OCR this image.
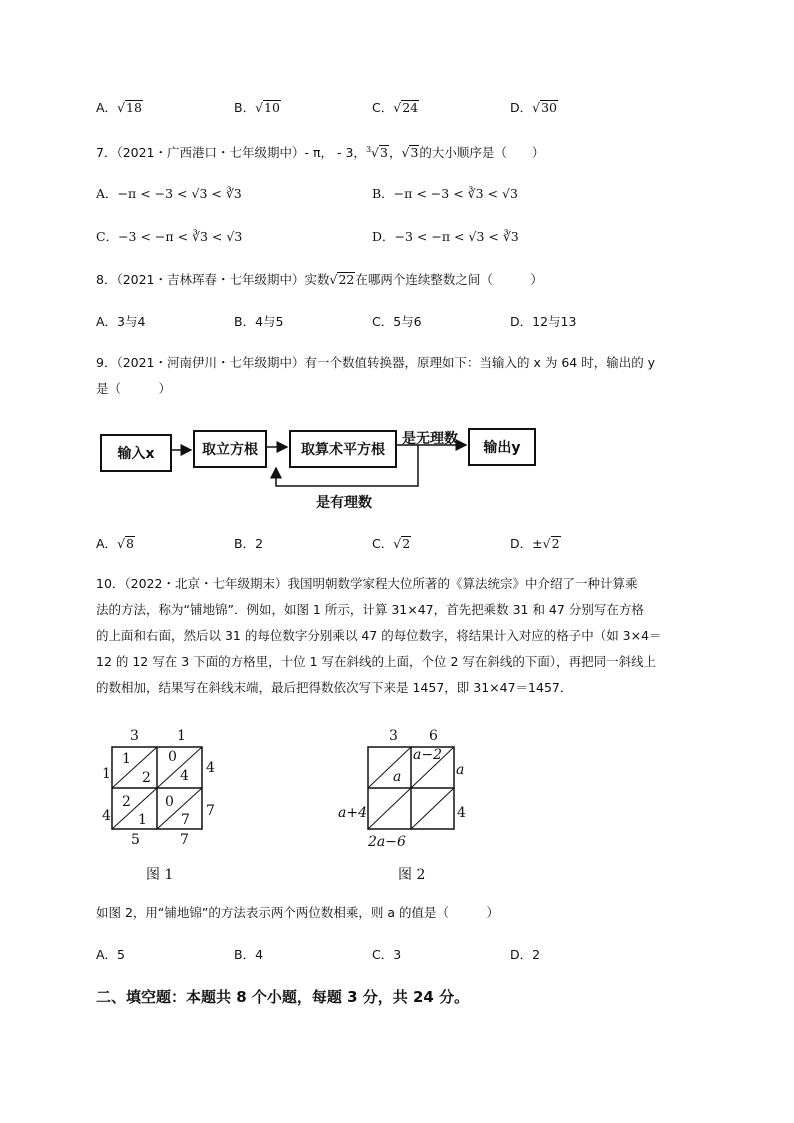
A．√18	B．√10	C．√24	D．√30
7．（2021・广西港口・七年级期中）- π， - 3，$^3$√3，√3的大小顺序是（　　）
A．−π < −3 < √3 < ∛3	B．−π < −3 < ∛3 < √3
C．−3 < −π < ∛3 < √3	D．−3 < −π < √3 < ∛3
8．（2021・吉林珲春・七年级期中）实数√22在哪两个连续整数之间（　　　）
A．3与4	B．4与5	C．5与6	D．12与13
9．（2021・河南伊川・七年级期中）有一个数值转换器，原理如下：当输入的 x 为 64 时，输出的 y
是（　　　）
输入x	取立方根	取算术平方根	输出y
是无理数
是有理数
A．√8	B．2	C．√2	D．±√2
10．（2022・北京・七年级期末）我国明朝数学家程大位所著的《算法统宗》中介绍了一种计算乘
法的方法，称为“铺地锦”．例如，如图 1 所示，计算 31×47，首先把乘数 31 和 47 分别写在方格
的上面和右面，然后以 31 的每位数字分别乘以 47 的每位数字，将结果计入对应的格子中（如 3×4＝
12 的 12 写在 3 下面的方格里，十位 1 写在斜线的上面，个位 2 写在斜线的下面），再把同一斜线上
的数相加，结果写在斜线末端，最后把得数依次写下来是 1457，即 31×47＝1457．
3	1
4
7
1
4
5	7
1
2
0
4
2
1
0
7
图 1
3 6
a
4
a+4
2a−6
a
a−2
图 2
如图 2，用“铺地锦”的方法表示两个两位数相乘，则 a 的值是（　　　）
A．5	B．4	C．3	D．2
二、填空题：本题共 8 个小题，每题 3 分，共 24 分。
